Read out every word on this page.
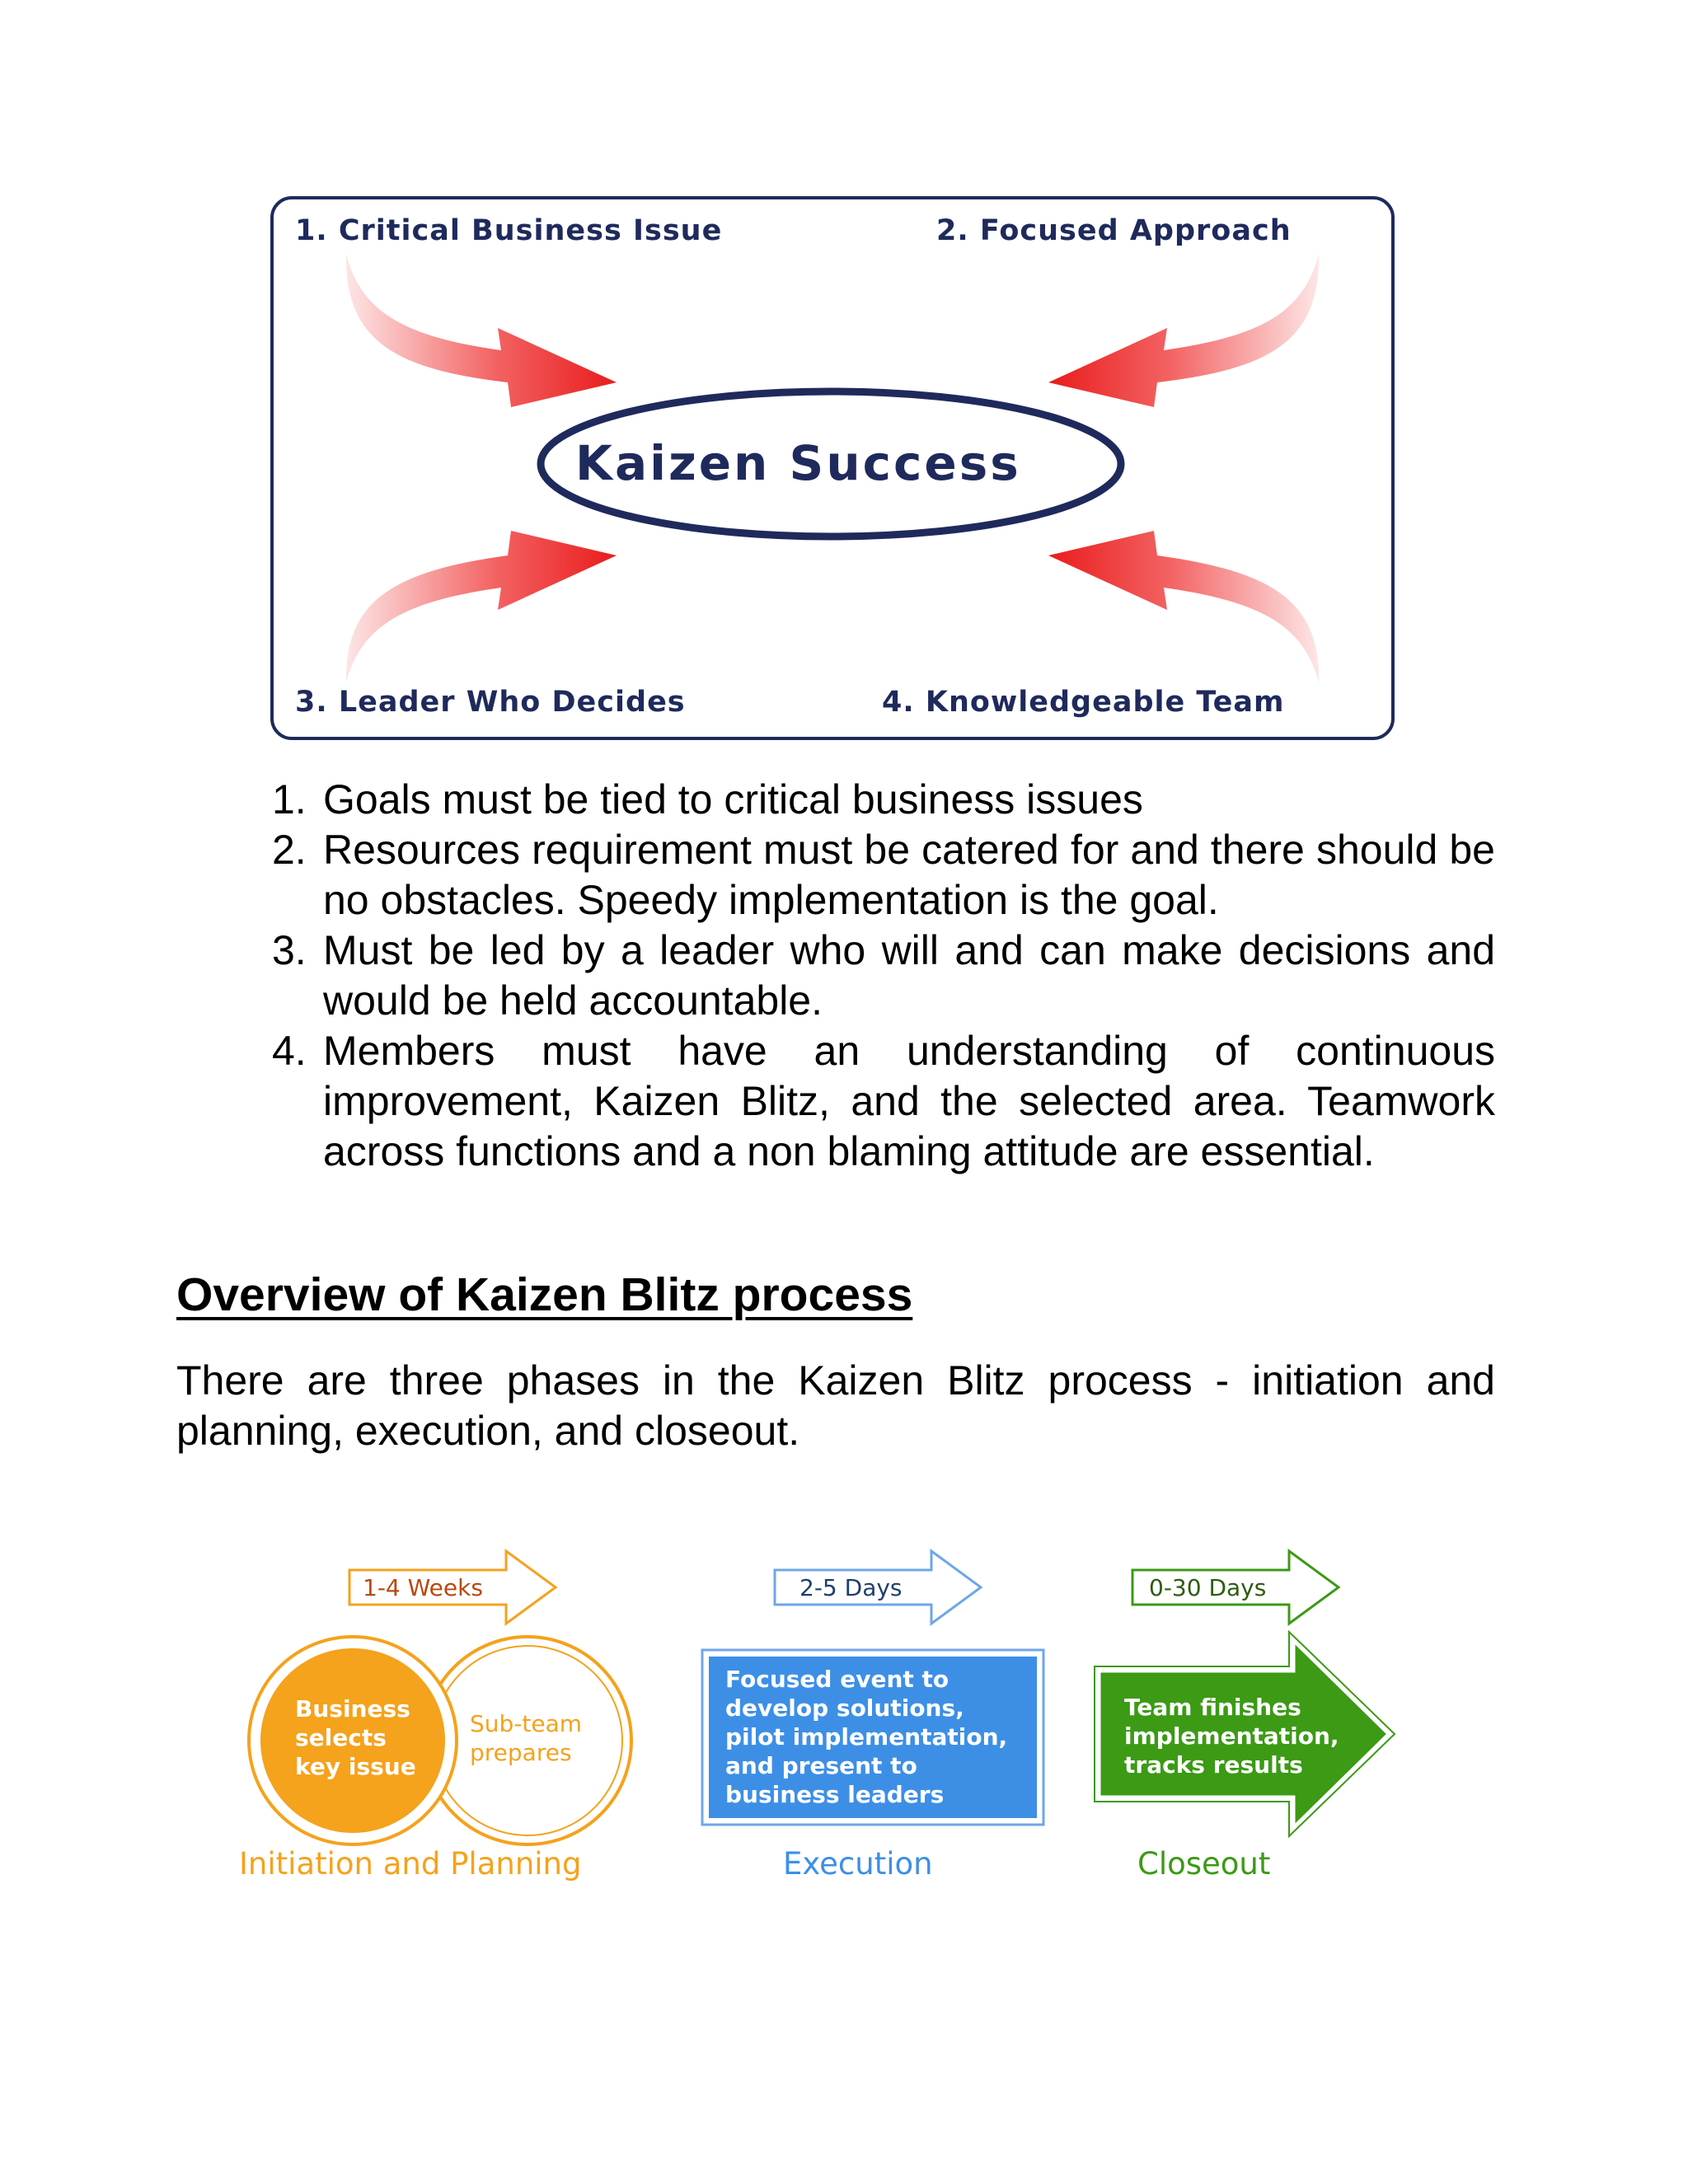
Kaizen Success
1. Critical Business Issue	2. Focused Approach
3. Leader Who Decides	4. Knowledgeable Team
1. Goals must be tied to critical business issues
2. Resources requirement must be catered for and there should be no obstacles. Speedy implementation is the goal.
3. Must be led by a leader who will and can make decisions and would be held accountable.
4. Members must have an understanding of continuous improvement, Kaizen Blitz, and the selected area. Teamwork across functions and a non blaming attitude are essential.
Overview of Kaizen Blitz process
There are three phases in the Kaizen Blitz process - initiation and planning, execution, and closeout.
1-4 Weeks	2-5 Days	0-30 Days
Business
selects
key issue
Sub-team
prepares
Focused event to
develop solutions,
pilot implementation,
and present to
business leaders
Team finishes
implementation,
tracks results
Initiation and Planning	Execution	Closeout
